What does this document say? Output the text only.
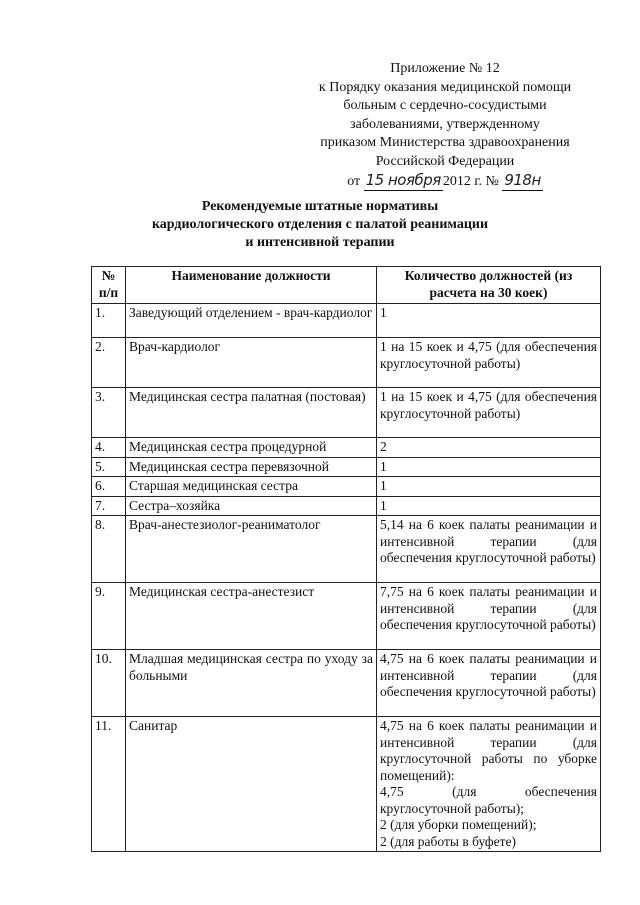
Приложение № 12
к Порядку оказания медицинской помощи
больным с сердечно-сосудистыми
заболеваниями, утвержденному
приказом Министерства здравоохранения
Российской Федерации
от 15 ноября 2012 г. № 918н
Рекомендуемые штатные нормативы
кардиологического отделения с палатой реанимации
и интенсивной терапии
№ п/п	Наименование должности	Количество должностей (из расчета на 30 коек)
1.	Заведующий отделением - врач-кардиолог	1

2.	Врач-кардиолог	1 на 15 коек и 4,75 (для обеспечения круглосуточной работы)

3.	Медицинская сестра палатная (постовая)	1 на 15 коек и 4,75 (для обеспечения круглосуточной работы)

4.	Медицинская сестра процедурной	2

5.	Медицинская сестра перевязочной	1

6.	Старшая медицинская сестра	1

7.	Сестра–хозяйка	1

8.	Врач-анестезиолог-реаниматолог	5,14 на 6 коек палаты реанимации и интенсивной терапии (для обеспечения круглосуточной работы)

9.	Медицинская сестра-анестезист	7,75 на 6 коек палаты реанимации и интенсивной терапии (для обеспечения круглосуточной работы)

10.	Младшая медицинская сестра по уходу за больными	4,75 на 6 коек палаты реанимации и интенсивной терапии (для обеспечения круглосуточной работы)

11.	Санитар	4,75 на 6 коек палаты реанимации и интенсивной терапии (для круглосуточной работы по уборке помещений):
4,75 (для обеспечения круглосуточной работы);
2 (для уборки помещений);
2 (для работы в буфете)
